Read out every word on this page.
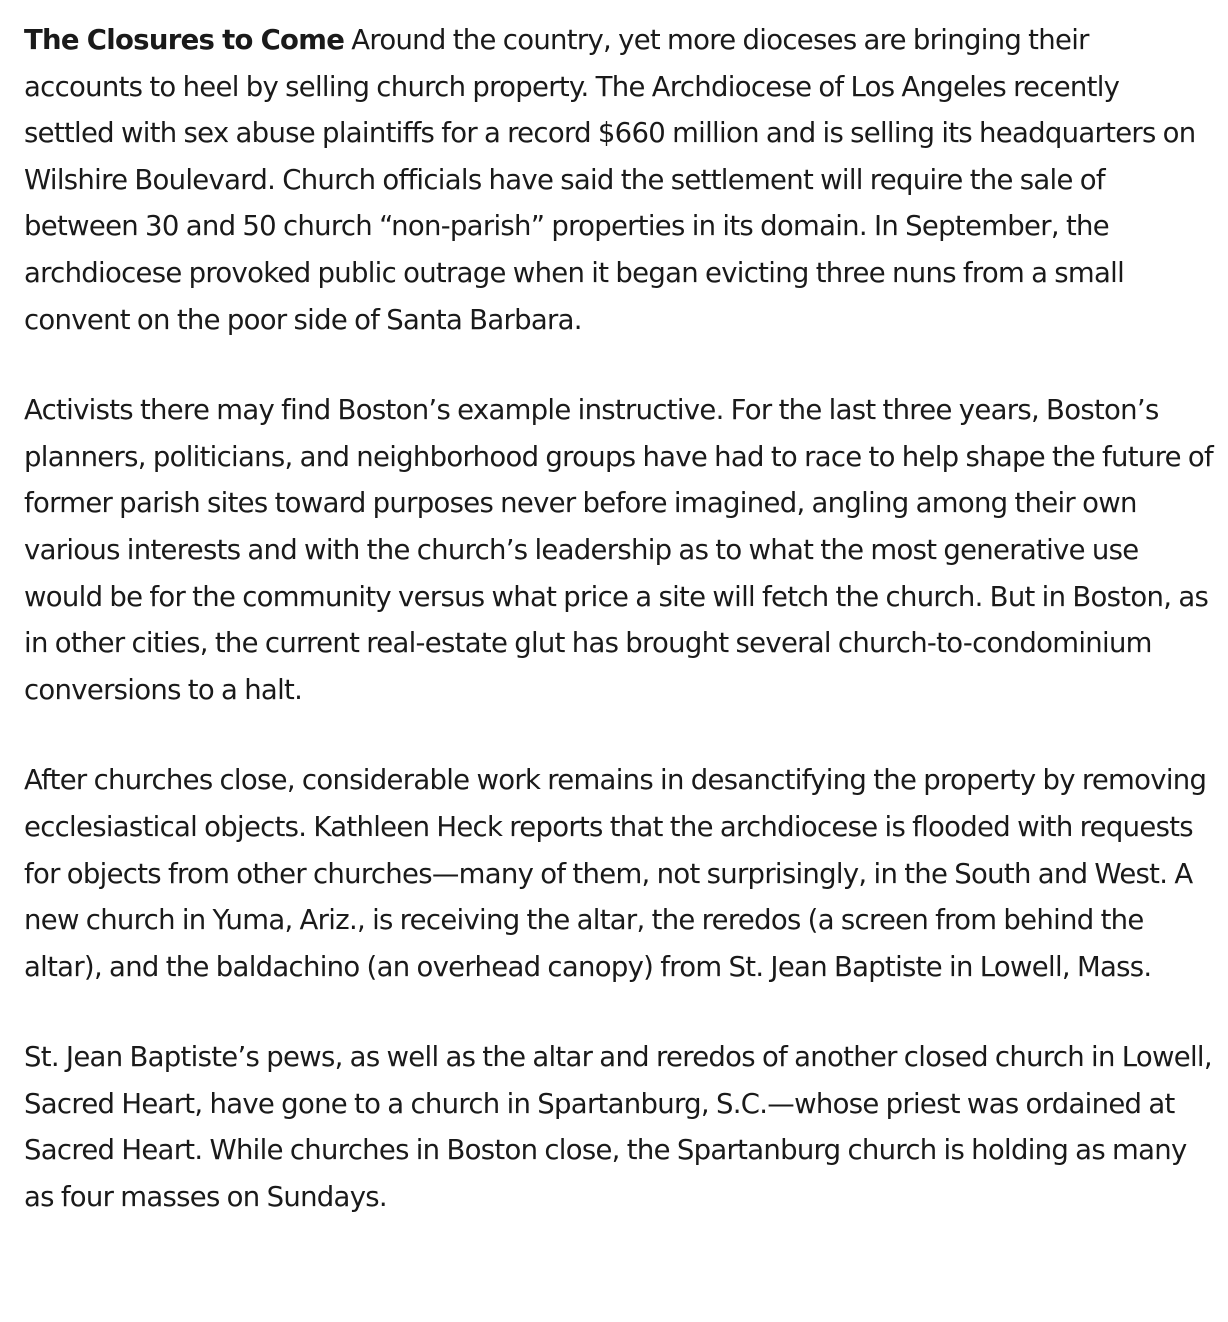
The Closures to Come Around the country, yet more dioceses are bringing their accounts to heel by selling church property. The Archdiocese of Los Angeles recently settled with sex abuse plaintiffs for a record $660 million and is selling its headquarters on Wilshire Boulevard. Church officials have said the settlement will require the sale of between 30 and 50 church “non-parish” properties in its domain. In September, the archdiocese provoked public outrage when it began evicting three nuns from a small convent on the poor side of Santa Barbara.

Activists there may find Boston’s example instructive. For the last three years, Boston’s planners, politicians, and neighborhood groups have had to race to help shape the future of former parish sites toward purposes never before imagined, angling among their own various interests and with the church’s leadership as to what the most generative use would be for the community versus what price a site will fetch the church. But in Boston, as in other cities, the current real-estate glut has brought several church-to-condominium conversions to a halt.

After churches close, considerable work remains in desanctifying the property by removing ecclesiastical objects. Kathleen Heck reports that the archdiocese is flooded with requests for objects from other churches—many of them, not surprisingly, in the South and West. A new church in Yuma, Ariz., is receiving the altar, the reredos (a screen from behind the altar), and the baldachino (an overhead canopy) from St. Jean Baptiste in Lowell, Mass.

St. Jean Baptiste’s pews, as well as the altar and reredos of another closed church in Lowell, Sacred Heart, have gone to a church in Spartanburg, S.C.—whose priest was ordained at Sacred Heart. While churches in Boston close, the Spartanburg church is holding as many as four masses on Sundays.
